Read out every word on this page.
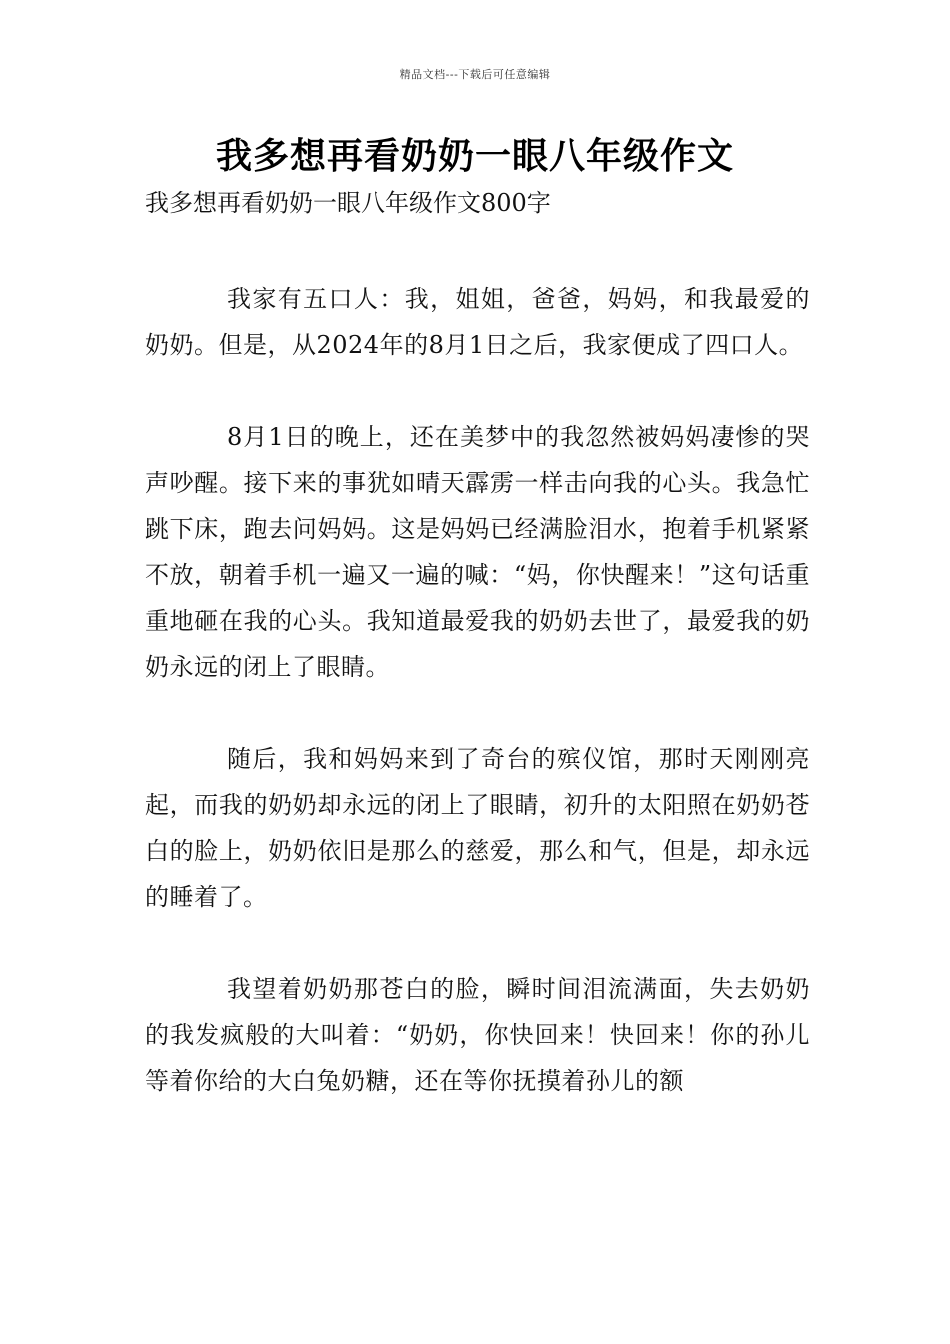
精品文档---下载后可任意编辑
我多想再看奶奶一眼八年级作文
我多想再看奶奶一眼八年级作文800字

我家有五口人：我，姐姐，爸爸，妈妈，和我最爱的奶奶。但是，从2024年的8月1日之后，我家便成了四口人。

8月1日的晚上，还在美梦中的我忽然被妈妈凄惨的哭声吵醒。接下来的事犹如晴天霹雳一样击向我的心头。我急忙跳下床，跑去问妈妈。这是妈妈已经满脸泪水，抱着手机紧紧不放，朝着手机一遍又一遍的喊：“妈，你快醒来！”这句话重重地砸在我的心头。我知道最爱我的奶奶去世了，最爱我的奶奶永远的闭上了眼睛。

随后，我和妈妈来到了奇台的殡仪馆，那时天刚刚亮起，而我的奶奶却永远的闭上了眼睛，初升的太阳照在奶奶苍白的脸上，奶奶依旧是那么的慈爱，那么和气，但是，却永远的睡着了。

我望着奶奶那苍白的脸，瞬时间泪流满面，失去奶奶的我发疯般的大叫着：“奶奶，你快回来！快回来！你的孙儿等着你给的大白兔奶糖，还在等你抚摸着孙儿的额
